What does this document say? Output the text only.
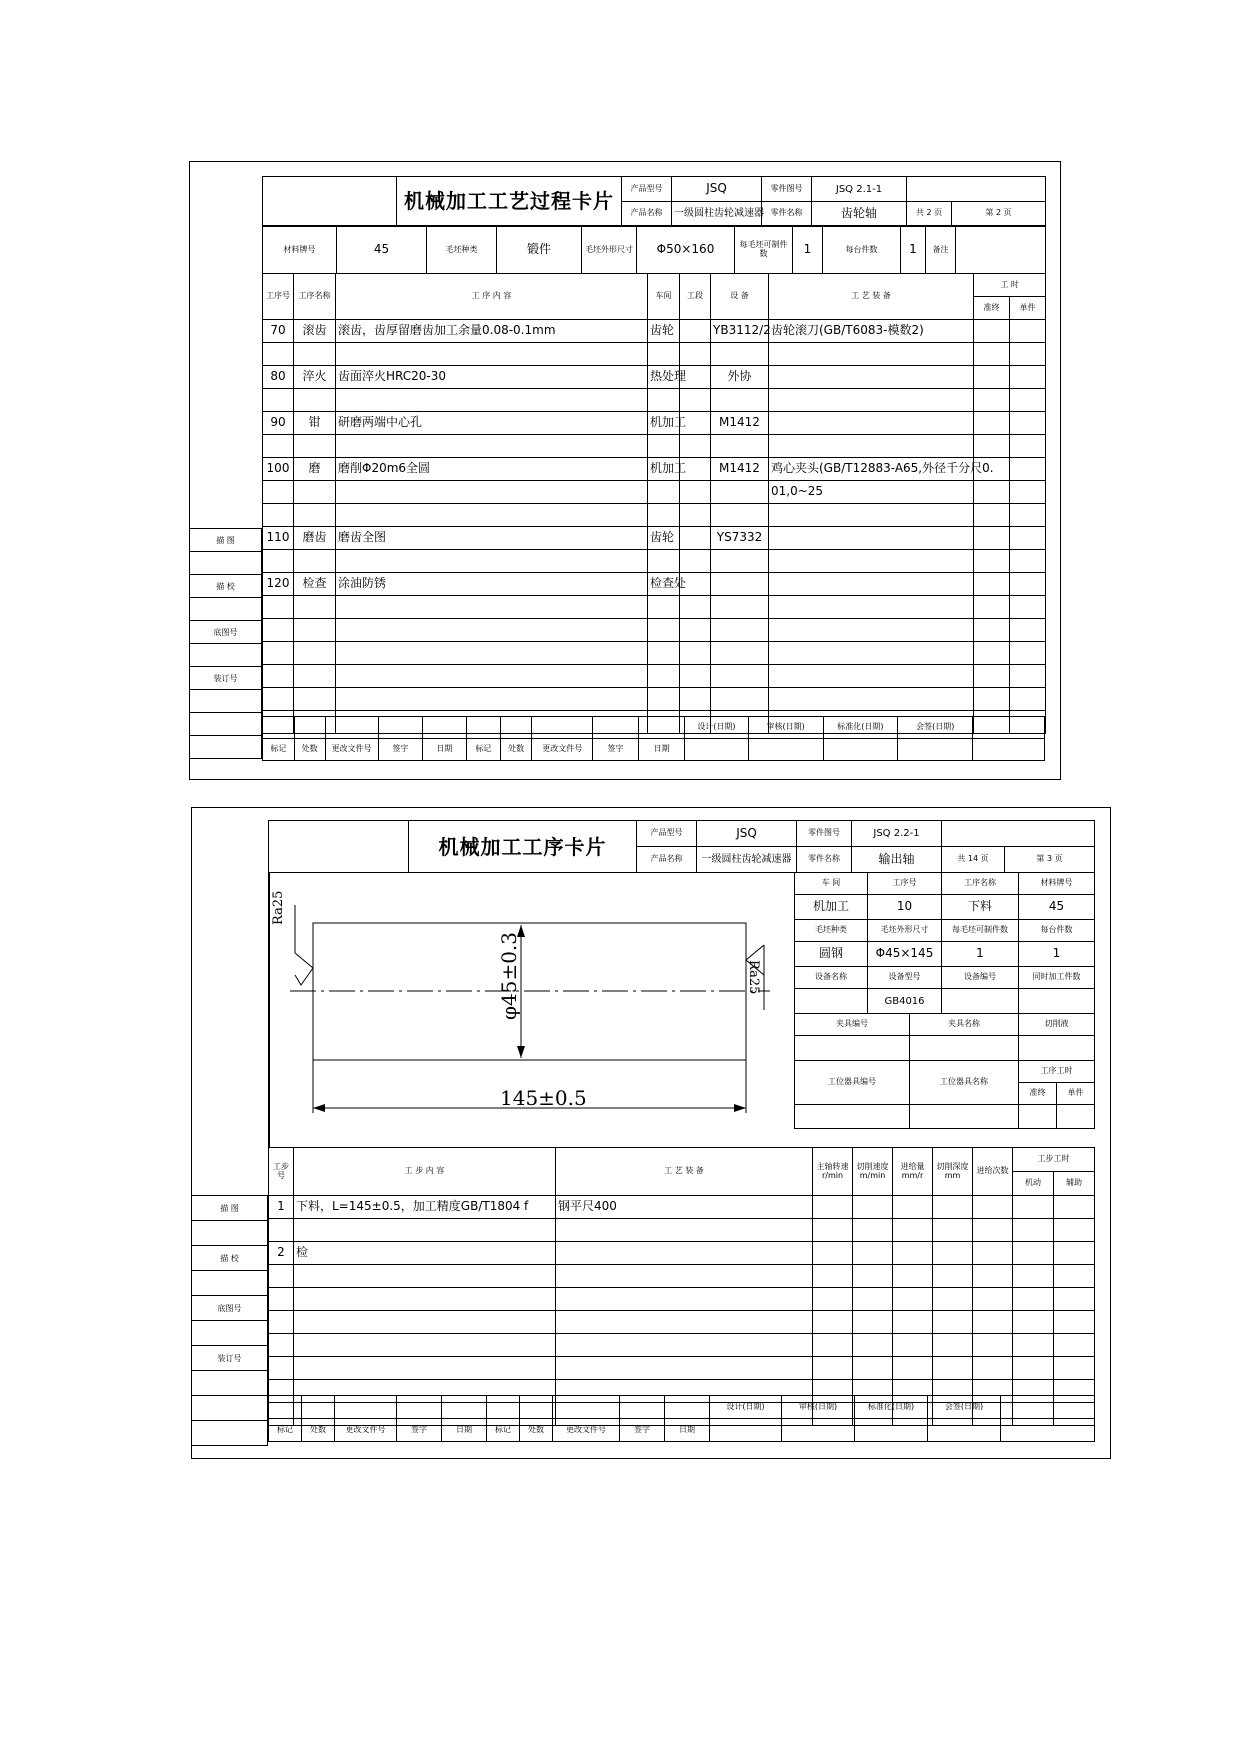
	机械加工工艺过程卡片	产品型号	JSQ	零件图号	JSQ 2.1-1		
		产品名称	一级圆柱齿轮减速器	零件名称	齿轮轴	共 2 页	第 2 页
材料牌号	45	毛坯种类	锻件	毛坯外形尺寸	Φ50×160	每毛坯可制件数	1	每台件数	1	备注	
工序号	工序名称	工 序 内 容	车间	工段	设 备	工 艺 装 备	工 时	
							准终	单件
70	滚齿	滚齿，齿厚留磨齿加工余量0.08-0.1mm	齿轮		YB3112/2	齿轮滚刀(GB/T6083-模数2)		

80	淬火	齿面淬火HRC20-30	热处理		外协			

90	钳	研磨两端中心孔	机加工		M1412			

100	磨	磨削Φ20m6全圆	机加工		M1412	鸡心夹头(GB/T12883-A65,外径千分尺0.		
						01,0~25		

110	磨齿	磨齿全图	齿轮		YS7332			

120	检查	涂油防锈	检查处					

描 图

描 校

底图号

装订号

										设计(日期)	审核(日期)	标准化(日期)	会签(日期)	
标记	处数	更改文件号	签字	日期	标记	处数	更改文件号	签字	日期					
	机械加工工序卡片	产品型号	JSQ	零件图号	JSQ 2.2-1		
		产品名称	一级圆柱齿轮减速器	零件名称	输出轴	共 14 页	第 3 页
Ra25
Ra25
φ45±0.3
145±0.5
车 间	工序号		工序名称	材料牌号	
机加工	10		下料	45	
毛坯种类	毛坯外形尺寸		每毛坯可制件数	每台件数	
圆钢	Φ45×145		1	1	
设备名称	设备型号		设备编号	同时加工件数	
	GB4016				
夹具编号		夹具名称		切削液	

工位器具编号		工位器具名称		工序工时	
				准终	单件

工步号	工 步 内 容	工 艺 装 备	主轴转速
r/min	切削速度
m/min	进给量
mm/r	切削深度
mm	进给次数	工步工时	
								机动	辅助
1	下料，L=145±0.5，加工精度GB/T1804 f	钢平尺400							

2	检								

描 图

描 校

底图号

装订号

										设计(日期)	审核(日期)	标准化(日期)	会签(日期)	
标记	处数	更改文件号	签字	日期	标记	处数	更改文件号	签字	日期					
